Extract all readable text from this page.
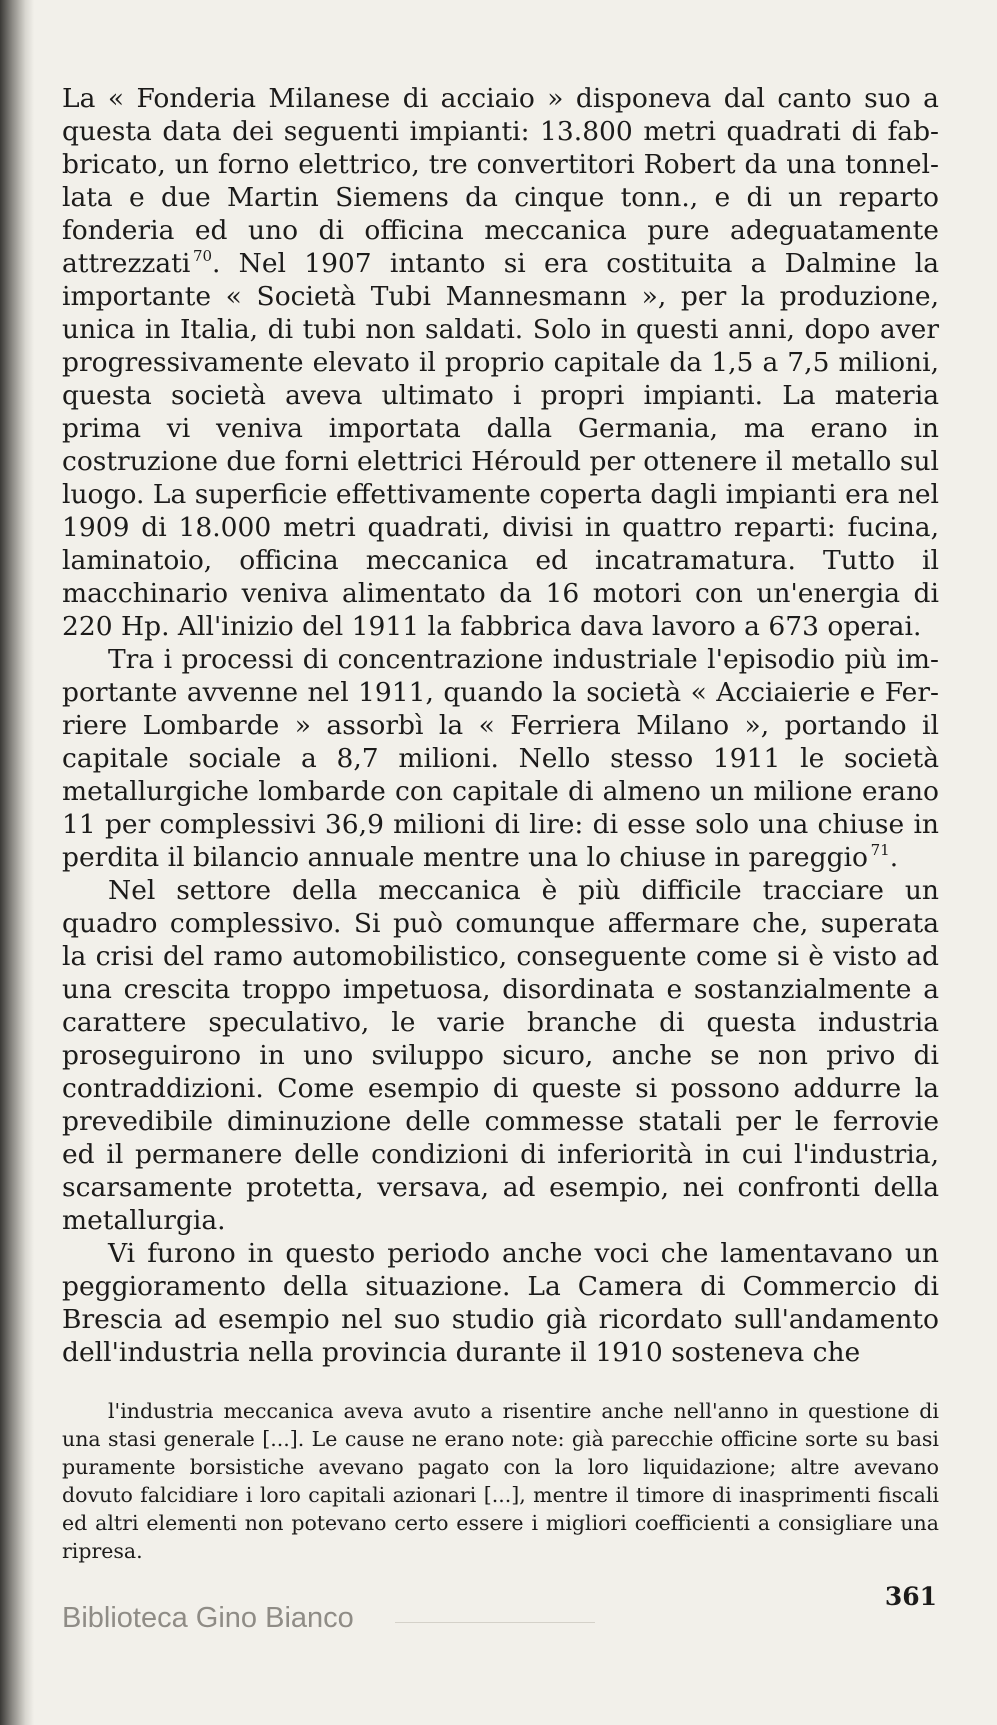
La « Fonderia Milanese di acciaio » disponeva dal canto suo a questa data dei seguenti impianti: 13.800 metri quadrati di fabbricato, un forno elettrico, tre convertitori Robert da una tonnellata e due Martin Siemens da cinque tonn., e di un reparto fonderia ed uno di officina meccanica pure adeguatamente attrezzati  $^{70}$. Nel 1907 intanto si era costituita a Dalmine la importante « Società Tubi Mannesmann », per la produzione, unica in Italia, di tubi non saldati. Solo in questi anni, dopo aver progressivamente elevato il proprio capitale da 1,5 a 7,5 milioni, questa società aveva ultimato i propri impianti. La materia prima vi veniva importata dalla Germania, ma erano in costruzione due forni elettrici Hérould per ottenere il metallo sul luogo. La superficie effettivamente coperta dagli impianti era nel 1909 di 18.000 metri quadrati, divisi in quattro reparti: fucina, laminatoio, officina meccanica ed incatramatura. Tutto il macchinario veniva alimentato da 16 motori con un'energia di 220 Hp. All'inizio del 1911 la fabbrica dava lavoro a 673 operai.

Tra i processi di concentrazione industriale l'episodio più importante avvenne nel 1911, quando la società « Acciaierie e Ferriere Lombarde » assorbì la « Ferriera Milano », portando il capitale sociale a 8,7 milioni. Nello stesso 1911 le società metallurgiche lombarde con capitale di almeno un milione erano 11 per complessivi 36,9 milioni di lire: di esse solo una chiuse in perdita il bilancio annuale mentre una lo chiuse in pareggio  $^{71}$.

Nel settore della meccanica è più difficile tracciare un quadro complessivo. Si può comunque affermare che, superata la crisi del ramo automobilistico, conseguente come si è visto ad una crescita troppo impetuosa, disordinata e sostanzialmente a carattere speculativo, le varie branche di questa industria proseguirono in uno sviluppo sicuro, anche se non privo di contraddizioni. Come esempio di queste si possono addurre la prevedibile diminuzione delle commesse statali per le ferrovie ed il permanere delle condizioni di inferiorità in cui l'industria, scarsamente protetta, versava, ad esempio, nei confronti della metallurgia.

Vi furono in questo periodo anche voci che lamentavano un peggioramento della situazione. La Camera di Commercio di Brescia ad esempio nel suo studio già ricordato sull'andamento dell'industria nella provincia durante il 1910 sosteneva che

l'industria meccanica aveva avuto a risentire anche nell'anno in questione di una stasi generale [...]. Le cause ne erano note: già parecchie officine sorte su basi puramente borsistiche avevano pagato con la loro liquidazione; altre avevano dovuto falcidiare i loro capitali azionari [...], mentre il timore di inasprimenti fiscali ed altri elementi non potevano certo essere i migliori coefficienti a consigliare una ripresa.

361
Biblioteca Gino Bianco
